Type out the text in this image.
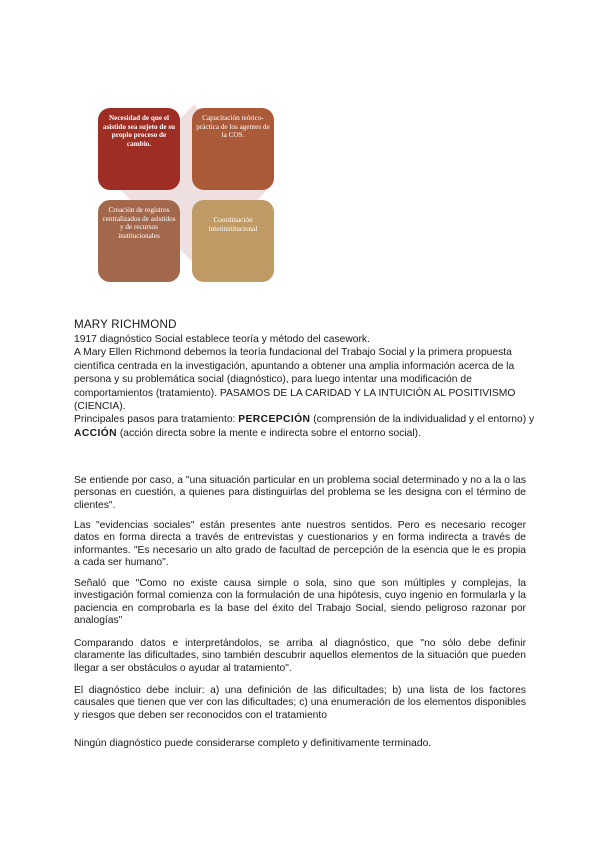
Necesidad de que el asistido sea sujeto de su propio proceso de cambio.
Capacitación teórico-práctica de los agentes de la COS.
Creación de registros centralizados de asistidos y de recursos institucionales
Coordinación interinstitucional
MARY RICHMOND

1917 diagnóstico Social establece teoría y método del casework.

A Mary Ellen Richmond debemos la teoría fundacional del Trabajo Social y la primera propuesta científica centrada en la investigación, apuntando a obtener una amplia información acerca de la persona y su problemática social (diagnóstico), para luego intentar una modificación de comportamientos (tratamiento). PASAMOS DE LA CARIDAD Y LA INTUICIÓN AL POSITIVISMO (CIENCIA).

Principales pasos para tratamiento: PERCEPCIÓN (comprensión de la individualidad y el entorno) y ACCIÓN (acción directa sobre la mente e indirecta sobre el entorno social).

Se entiende por caso, a "una situación particular en un problema social determinado y no a la o las personas en cuestión, a quienes para distinguirlas del problema se les designa con el término de clientes".

Las "evidencias sociales" están presentes ante nuestros sentidos. Pero es necesario recoger datos en forma directa a través de entrevistas y cuestionarios y en forma indirecta a través de informantes. "Es necesario un alto grado de facultad de percepción de la esencia que le es propia a cada ser humano".

Señaló que "Como no existe causa simple o sola, sino que son múltiples y complejas, la investigación formal comienza con la formulación de una hipótesis, cuyo ingenio en formularla y la paciencia en comprobarla es la base del éxito del Trabajo Social, siendo peligroso razonar por analogías"

Comparando datos e interpretándolos, se arriba al diagnóstico, que "no sólo debe definir claramente las dificultades, sino también descubrir aquellos elementos de la situación que pueden llegar a ser obstáculos o ayudar al tratamiento".

El diagnóstico debe incluir: a) una definición de las dificultades; b) una lista de los factores causales que tienen que ver con las dificultades; c) una enumeración de los elementos disponibles y riesgos que deben ser reconocidos con el tratamiento

Ningún diagnóstico puede considerarse completo y definitivamente terminado.
